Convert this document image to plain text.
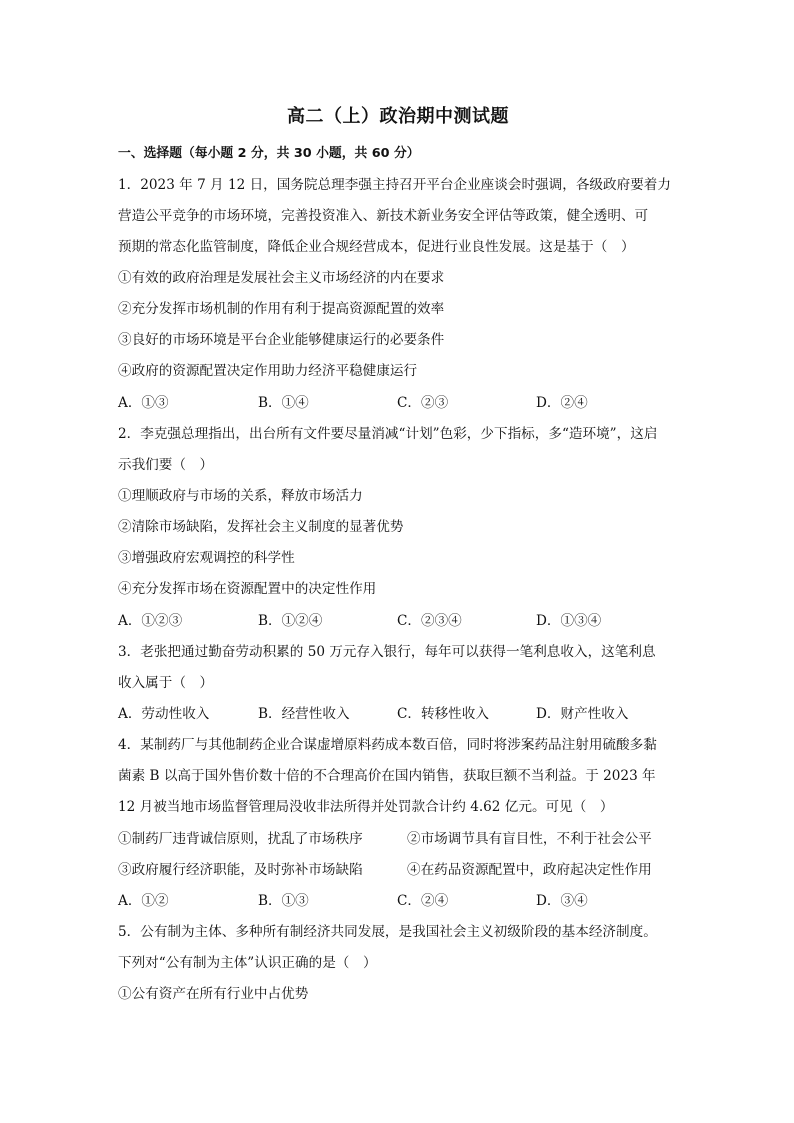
高二（上）政治期中测试题
一、选择题（每小题 2 分，共 30 小题，共 60 分）
1．2023 年 7 月 12 日，国务院总理李强主持召开平台企业座谈会时强调，各级政府要着力
营造公平竞争的市场环境，完善投资准入、新技术新业务安全评估等政策，健全透明、可
预期的常态化监管制度，降低企业合规经营成本，促进行业良性发展。这是基于（　）
①有效的政府治理是发展社会主义市场经济的内在要求
②充分发挥市场机制的作用有利于提高资源配置的效率
③良好的市场环境是平台企业能够健康运行的必要条件
④政府的资源配置决定作用助力经济平稳健康运行
A．①③	B．①④	C．②③	D．②④
2．李克强总理指出，出台所有文件要尽量消减“计划”色彩，少下指标，多“造环境”，这启
示我们要（　）
①理顺政府与市场的关系，释放市场活力
②清除市场缺陷，发挥社会主义制度的显著优势
③增强政府宏观调控的科学性
④充分发挥市场在资源配置中的决定性作用
A．①②③	B．①②④	C．②③④	D．①③④
3．老张把通过勤奋劳动积累的 50 万元存入银行，每年可以获得一笔利息收入，这笔利息
收入属于（　）
A．劳动性收入	B．经营性收入	C．转移性收入	D．财产性收入
4．某制药厂与其他制药企业合谋虚增原料药成本数百倍，同时将涉案药品注射用硫酸多黏
菌素 B 以高于国外售价数十倍的不合理高价在国内销售，获取巨额不当利益。于 2023 年
12 月被当地市场监督管理局没收非法所得并处罚款合计约 4.62 亿元。可见（　）
①制药厂违背诚信原则，扰乱了市场秩序	②市场调节具有盲目性，不利于社会公平
③政府履行经济职能，及时弥补市场缺陷	④在药品资源配置中，政府起决定性作用
A．①②	B．①③	C．②④	D．③④
5．公有制为主体、多种所有制经济共同发展，是我国社会主义初级阶段的基本经济制度。
下列对“公有制为主体”认识正确的是（　）
①公有资产在所有行业中占优势
